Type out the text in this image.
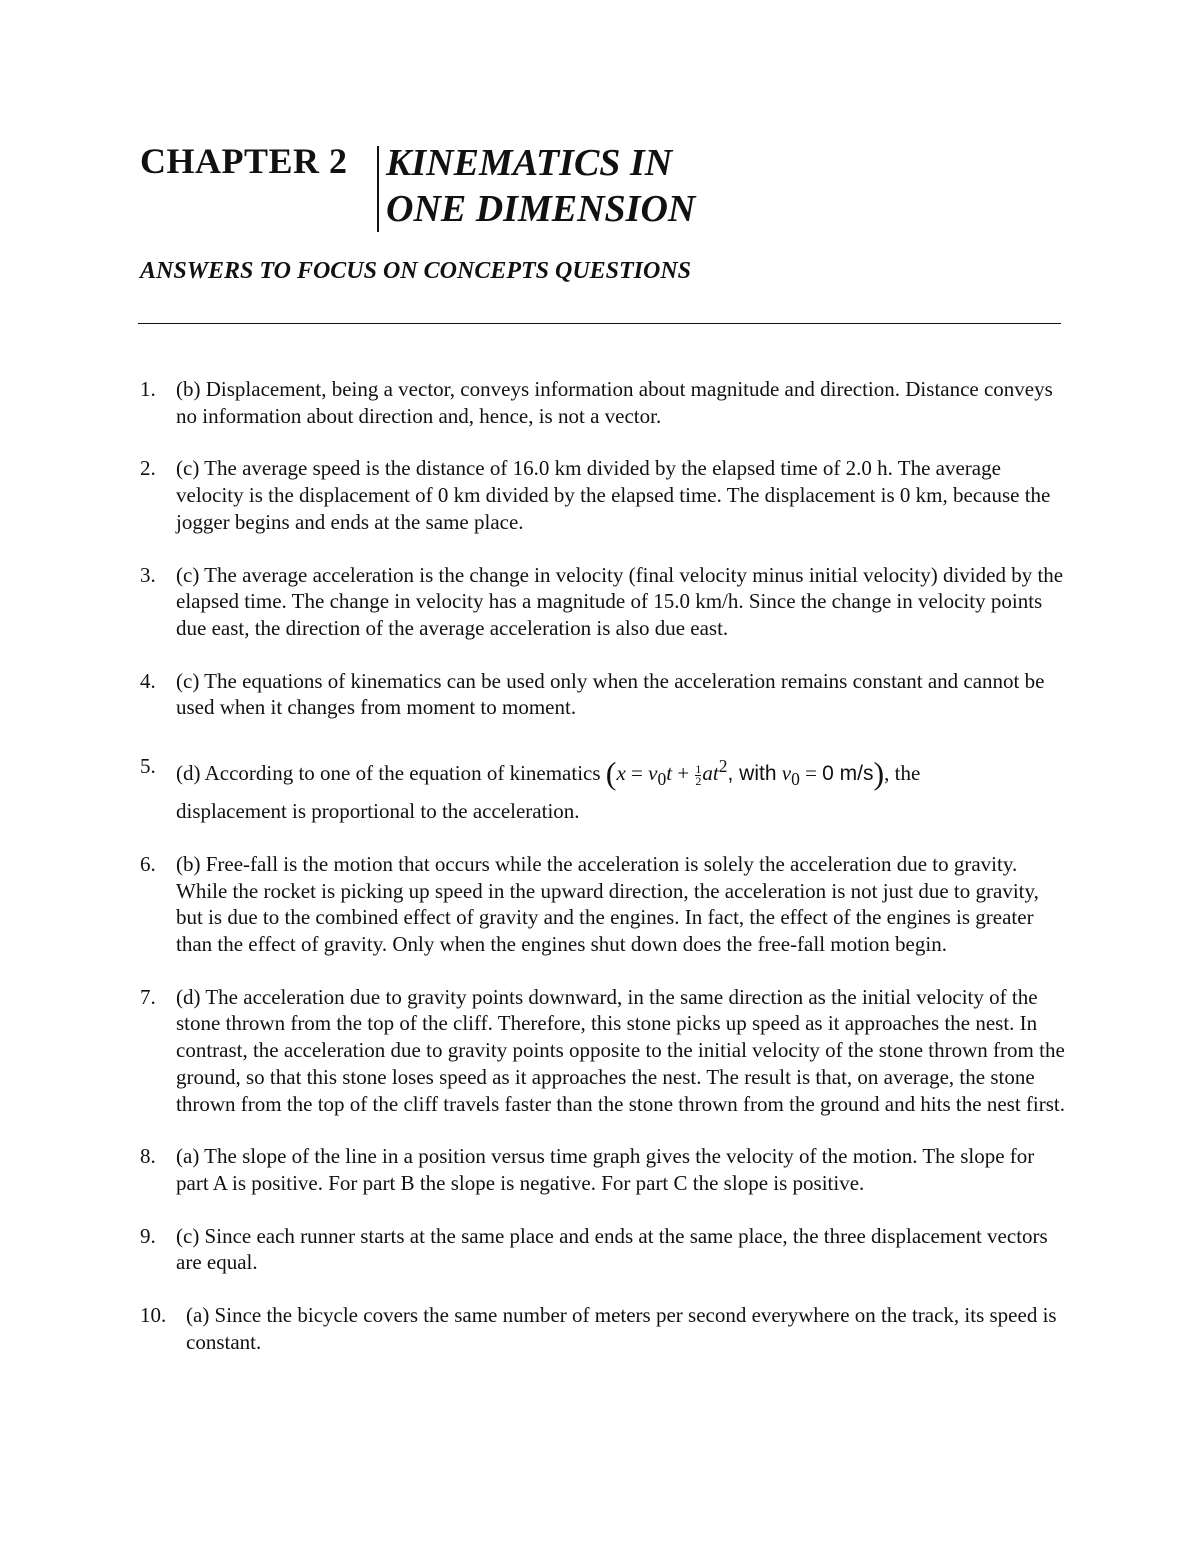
CHAPTER 2 KINEMATICS IN
ONE DIMENSION
ANSWERS TO FOCUS ON CONCEPTS QUESTIONS
1. (b) Displacement, being a vector, conveys information about magnitude and direction. Distance conveys no information about direction and, hence, is not a vector.
2. (c) The average speed is the distance of 16.0 km divided by the elapsed time of 2.0 h. The average velocity is the displacement of 0 km divided by the elapsed time. The displacement is 0 km, because the jogger begins and ends at the same place.
3. (c) The average acceleration is the change in velocity (final velocity minus initial velocity) divided by the elapsed time. The change in velocity has a magnitude of 15.0 km/h. Since the change in velocity points due east, the direction of the average acceleration is also due east.
4. (c) The equations of kinematics can be used only when the acceleration remains constant and cannot be used when it changes from moment to moment.
5. (d) According to one of the equation of kinematics ($x = v_0t + \frac{1}{2} at^2$, with $v_0 = 0$ m/s), the
displacement is proportional to the acceleration.
6. (b) Free-fall is the motion that occurs while the acceleration is solely the acceleration due to gravity. While the rocket is picking up speed in the upward direction, the acceleration is not just due to gravity, but is due to the combined effect of gravity and the engines. In fact, the effect of the engines is greater than the effect of gravity. Only when the engines shut down does the free-fall motion begin.
7. (d) The acceleration due to gravity points downward, in the same direction as the initial velocity of the stone thrown from the top of the cliff. Therefore, this stone picks up speed as it approaches the nest. In contrast, the acceleration due to gravity points opposite to the initial velocity of the stone thrown from the ground, so that this stone loses speed as it approaches the nest. The result is that, on average, the stone thrown from the top of the cliff travels faster than the stone thrown from the ground and hits the nest first.
8. (a) The slope of the line in a position versus time graph gives the velocity of the motion. The slope for part A is positive. For part B the slope is negative. For part C the slope is positive.
9. (c) Since each runner starts at the same place and ends at the same place, the three displacement vectors are equal.
10. (a) Since the bicycle covers the same number of meters per second everywhere on the track, its speed is constant.
